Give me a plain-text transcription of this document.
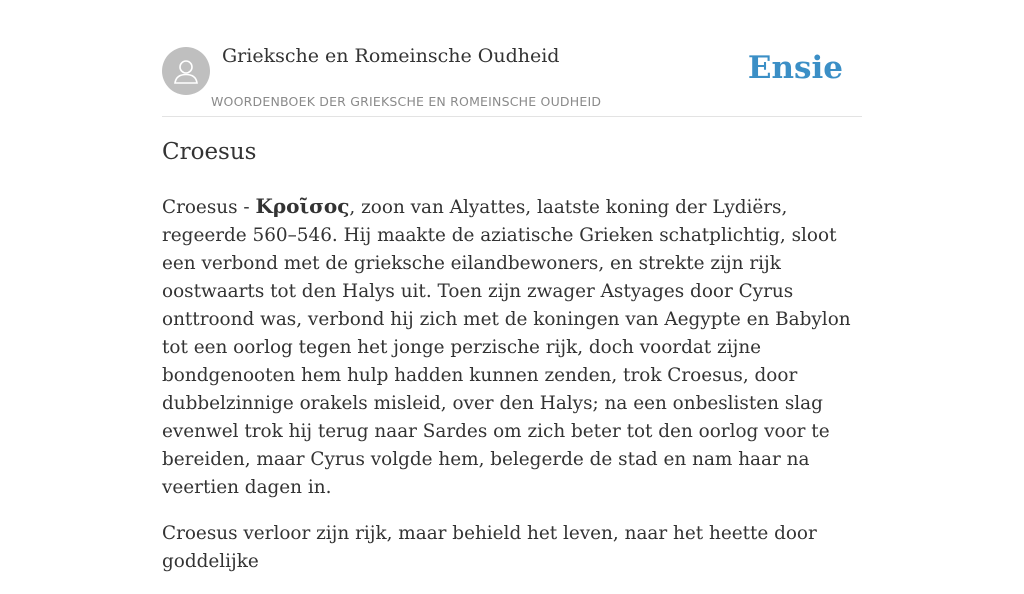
Grieksche en Romeinsche Oudheid
WOORDENBOEK DER GRIEKSCHE EN ROMEINSCHE OUDHEID
Ensie
Croesus

Croesus - Κροῖσος, zoon van Alyattes, laatste koning der Lydiërs, regeerde 560–546. Hij maakte de aziatische Grieken schatplichtig, sloot een verbond met de grieksche eilandbewoners, en strekte zijn rijk oostwaarts tot den Halys uit. Toen zijn zwager Astyages door Cyrus onttroond was, verbond hij zich met de koningen van Aegypte en Babylon tot een oorlog tegen het jonge perzische rijk, doch voordat zijne bondgenooten hem hulp hadden kunnen zenden, trok Croesus, door dubbelzinnige orakels misleid, over den Halys; na een onbeslisten slag evenwel trok hij terug naar Sardes om zich beter tot den oorlog voor te bereiden, maar Cyrus volgde hem, belegerde de stad en nam haar na veertien dagen in.

Croesus verloor zijn rijk, maar behield het leven, naar het heette door goddelijke
